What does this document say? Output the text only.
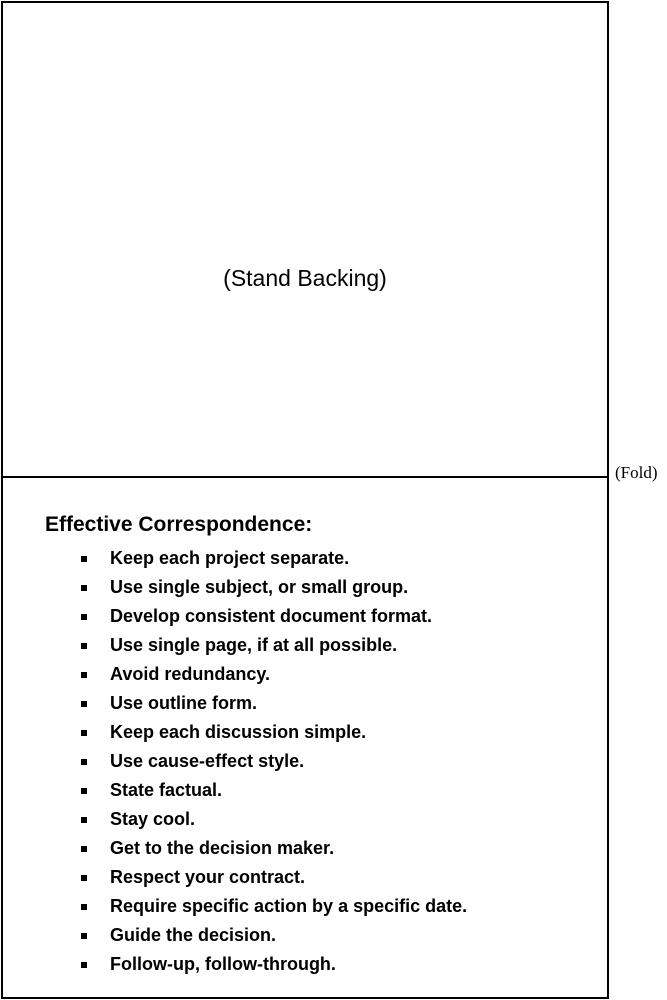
(Stand Backing)
(Fold)
Effective Correspondence:
Keep each project separate.
Use single subject, or small group.
Develop consistent document format.
Use single page, if at all possible.
Avoid redundancy.
Use outline form.
Keep each discussion simple.
Use cause-effect style.
State factual.
Stay cool.
Get to the decision maker.
Respect your contract.
Require specific action by a specific date.
Guide the decision.
Follow-up, follow-through.
